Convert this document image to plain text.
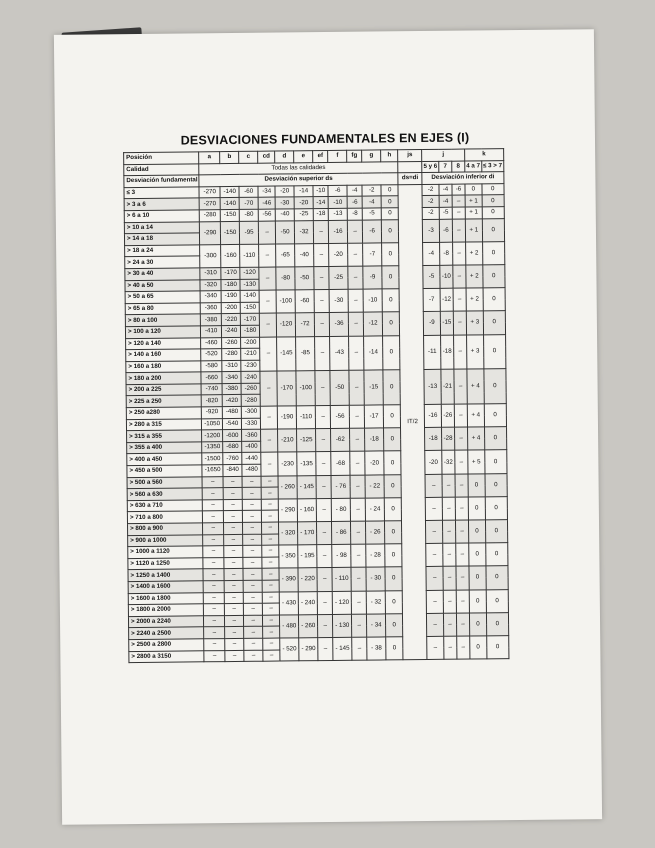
DESVIACIONES FUNDAMENTALES EN EJES (I)
Posición	a	b	c	cd	d	e	ef	f	fg	g	h	js	j			k	
Calidad	Todas las calidades												5 y 6	7	8	4 a 7	≤ 3 > 7
Desviación fundamental	Desviación superior ds											ds=di	Desviación inferior di				
≤ 3	-270	-140	-60	-34	-20	-14	-10	-6	-4	-2	0	IT/2	-2	-4	-6	0	0
> 3 a 6	-270	-140	-70	-46	-30	-20	-14	-10	-6	-4	0		-2	-4	–	+ 1	0
> 6 a 10	-280	-150	-80	-56	-40	-25	-18	-13	-8	-5	0		-2	-5	–	+ 1	0
> 10 a 14	-290	-150	-95	–	-50	-32	–	-16	–	-6	0		-3	-6	–	+ 1	0
> 14 a 18																	
> 18 a 24	-300	-160	-110	–	-65	-40	–	-20	–	-7	0		-4	-8	–	+ 2	0
> 24 a 30																	
> 30 a 40	-310	-170	-120	–	-80	-50	–	-25	–	-9	0		-5	-10	–	+ 2	0
> 40 a 50	-320	-180	-130														
> 50 a 65	-340	-190	-140	–	-100	-60	–	-30	–	-10	0		-7	-12	–	+ 2	0
> 65 a 80	-360	-200	-150														
> 80 a 100	-380	-220	-170	–	-120	-72	–	-36	–	-12	0		-9	-15	–	+ 3	0
> 100 a 120	-410	-240	-180														
> 120 a 140	-460	-260	-200	–	-145	-85	–	-43	–	-14	0		-11	-18	–	+ 3	0
> 140 a 160	-520	-280	-210														
> 160 a 180	-580	-310	-230														
> 180 a 200	-660	-340	-240	–	-170	-100	–	-50	–	-15	0		-13	-21	–	+ 4	0
> 200 a 225	-740	-380	-260														
> 225 a 250	-820	-420	-280														
> 250 a280	-920	-480	-300	–	-190	-110	–	-56	–	-17	0		-16	-26	–	+ 4	0
> 280 a 315	-1050	-540	-330														
> 315 a 355	-1200	-600	-360	–	-210	-125	–	-62	–	-18	0		-18	-28	–	+ 4	0
> 355 a 400	-1350	-680	-400														
> 400 a 450	-1500	-760	-440	–	-230	-135	–	-68	–	-20	0		-20	-32	–	+ 5	0
> 450 a 500	-1650	-840	-480														
> 500 a 560	–	–	–	–	- 260	- 145	–	- 76	–	- 22	0		–	–	–	0	0
> 560 a 630	–	–	–	–													
> 630 a 710	–	–	–	–	- 290	- 160	–	- 80	–	- 24	0		–	–	–	0	0
> 710 a 800	–	–	–	–													
> 800 a 900	–	–	–	–	- 320	- 170	–	- 86	–	- 26	0		–	–	–	0	0
> 900 a 1000	–	–	–	–													
> 1000 a 1120	–	–	–	–	- 350	- 195	–	- 98	–	- 28	0		–	–	–	0	0
> 1120 a 1250	–	–	–	–													
> 1250 a 1400	–	–	–	–	- 390	- 220	–	- 110	–	- 30	0		–	–	–	0	0
> 1400 a 1600	–	–	–	–													
> 1600 a 1800	–	–	–	–	- 430	- 240	–	- 120	–	- 32	0		–	–	–	0	0
> 1800 a 2000	–	–	–	–													
> 2000 a 2240	–	–	–	–	- 480	- 260	–	- 130	–	- 34	0		–	–	–	0	0
> 2240 a 2500	–	–	–	–													
> 2500 a 2800	–	–	–	–	- 520	- 290	–	- 145	–	- 38	0		–	–	–	0	0
> 2800 a 3150	–	–	–	–													
